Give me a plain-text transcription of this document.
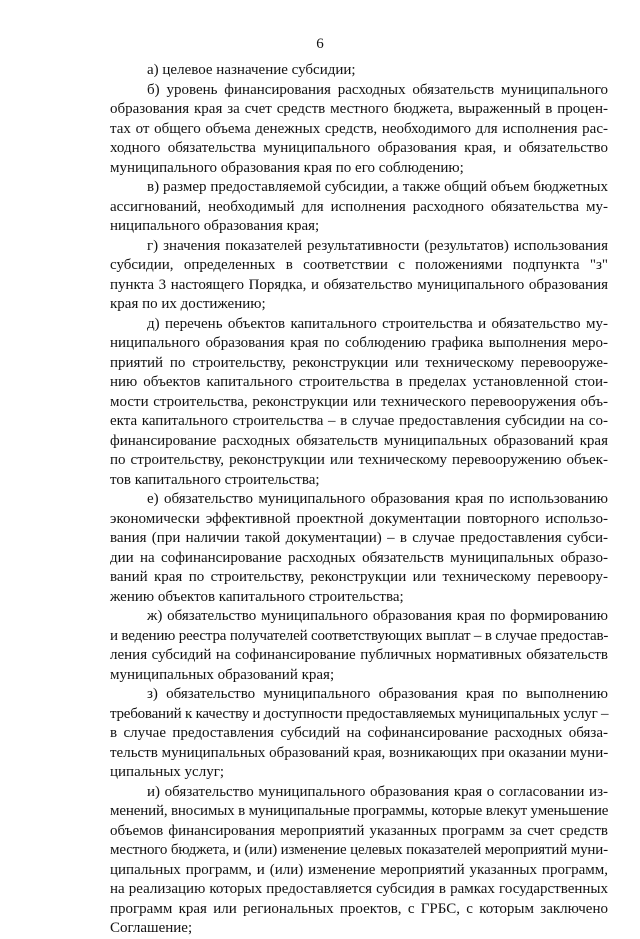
6
а) целевое назначение субсидии;
б) уровень финансирования расходных обязательств муниципального
образования края за счет средств местного бюджета, выраженный в процен-
тах от общего объема денежных средств, необходимого для исполнения рас-
ходного обязательства муниципального образования края, и обязательство
муниципального образования края по его соблюдению;
в) размер предоставляемой субсидии, а также общий объем бюджетных
ассигнований, необходимый для исполнения расходного обязательства му-
ниципального образования края;
г) значения показателей результативности (результатов) использования
субсидии, определенных в соответствии с положениями подпункта "з"
пункта 3 настоящего Порядка, и обязательство муниципального образования
края по их достижению;
д) перечень объектов капитального строительства и обязательство му-
ниципального образования края по соблюдению графика выполнения меро-
приятий по строительству, реконструкции или техническому перевооруже-
нию объектов капитального строительства в пределах установленной стои-
мости строительства, реконструкции или технического перевооружения объ-
екта капитального строительства – в случае предоставления субсидии на со-
финансирование расходных обязательств муниципальных образований края
по строительству, реконструкции или техническому перевооружению объек-
тов капитального строительства;
е) обязательство муниципального образования края по использованию
экономически эффективной проектной документации повторного использо-
вания (при наличии такой документации) – в случае предоставления субси-
дии на софинансирование расходных обязательств муниципальных образо-
ваний края по строительству, реконструкции или техническому перевоору-
жению объектов капитального строительства;
ж) обязательство муниципального образования края по формированию
и ведению реестра получателей соответствующих выплат – в случае предостав-
ления субсидий на софинансирование публичных нормативных обязательств
муниципальных образований края;
з) обязательство муниципального образования края по выполнению
требований к качеству и доступности предоставляемых муниципальных услуг –
в случае предоставления субсидий на софинансирование расходных обяза-
тельств муниципальных образований края, возникающих при оказании муни-
ципальных услуг;
и) обязательство муниципального образования края о согласовании из-
менений, вносимых в муниципальные программы, которые влекут уменьшение
объемов финансирования мероприятий указанных программ за счет средств
местного бюджета, и (или) изменение целевых показателей мероприятий муни-
ципальных программ, и (или) изменение мероприятий указанных программ,
на реализацию которых предоставляется субсидия в рамках государственных
программ края или региональных проектов, с ГРБС, с которым заключено
Соглашение;
